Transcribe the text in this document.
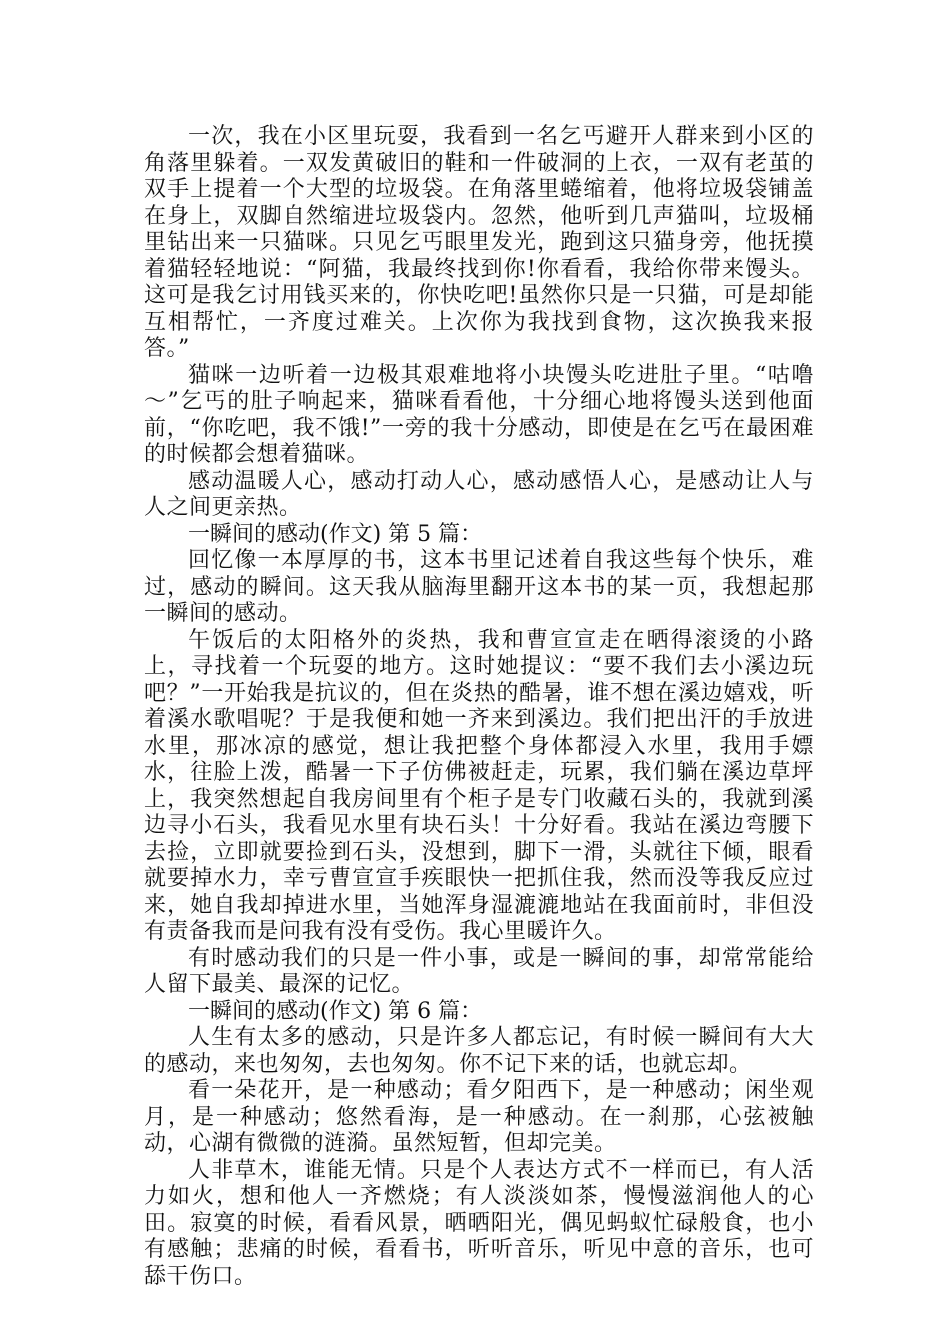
一次，我在小区里玩耍，我看到一名乞丐避开人群来到小区的角落里躲着。一双发黄破旧的鞋和一件破洞的上衣，一双有老茧的双手上提着一个大型的垃圾袋。在角落里蜷缩着，他将垃圾袋铺盖在身上，双脚自然缩进垃圾袋内。忽然，他听到几声猫叫，垃圾桶里钻出来一只猫咪。只见乞丐眼里发光，跑到这只猫身旁，他抚摸着猫轻轻地说：“阿猫，我最终找到你!你看看，我给你带来馒头。这可是我乞讨用钱买来的，你快吃吧!虽然你只是一只猫，可是却能互相帮忙，一齐度过难关。上次你为我找到食物，这次换我来报答。”

猫咪一边听着一边极其艰难地将小块馒头吃进肚子里。“咕噜～”乞丐的肚子响起来，猫咪看看他，十分细心地将馒头送到他面前，“你吃吧，我不饿!”一旁的我十分感动，即使是在乞丐在最困难的时候都会想着猫咪。

感动温暖人心，感动打动人心，感动感悟人心，是感动让人与人之间更亲热。

一瞬间的感动(作文) 第 5 篇：

回忆像一本厚厚的书，这本书里记述着自我这些每个快乐，难过，感动的瞬间。这天我从脑海里翻开这本书的某一页，我想起那一瞬间的感动。

午饭后的太阳格外的炎热，我和曹宣宣走在晒得滚烫的小路上，寻找着一个玩耍的地方。这时她提议：“要不我们去小溪边玩吧？”一开始我是抗议的，但在炎热的酷暑，谁不想在溪边嬉戏，听着溪水歌唱呢？于是我便和她一齐来到溪边。我们把出汗的手放进水里，那冰凉的感觉，想让我把整个身体都浸入水里，我用手嫖水，往脸上泼，酷暑一下子仿佛被赶走，玩累，我们躺在溪边草坪上，我突然想起自我房间里有个柜子是专门收藏石头的，我就到溪边寻小石头，我看见水里有块石头！十分好看。我站在溪边弯腰下去捡，立即就要捡到石头，没想到，脚下一滑，头就往下倾，眼看就要掉水力，幸亏曹宣宣手疾眼快一把抓住我，然而没等我反应过来，她自我却掉进水里，当她浑身湿漉漉地站在我面前时，非但没有责备我而是问我有没有受伤。我心里暖许久。

有时感动我们的只是一件小事，或是一瞬间的事，却常常能给人留下最美、最深的记忆。

一瞬间的感动(作文) 第 6 篇：

人生有太多的感动，只是许多人都忘记，有时候一瞬间有大大的感动，来也匆匆，去也匆匆。你不记下来的话，也就忘却。

看一朵花开，是一种感动；看夕阳西下，是一种感动；闲坐观月，是一种感动；悠然看海，是一种感动。在一刹那，心弦被触动，心湖有微微的涟漪。虽然短暂，但却完美。

人非草木，谁能无情。只是个人表达方式不一样而已，有人活力如火，想和他人一齐燃烧；有人淡淡如茶，慢慢滋润他人的心田。寂寞的时候，看看风景，晒晒阳光，偶见蚂蚁忙碌般食，也小有感触；悲痛的时候，看看书，听听音乐，听见中意的音乐，也可舔干伤口。
